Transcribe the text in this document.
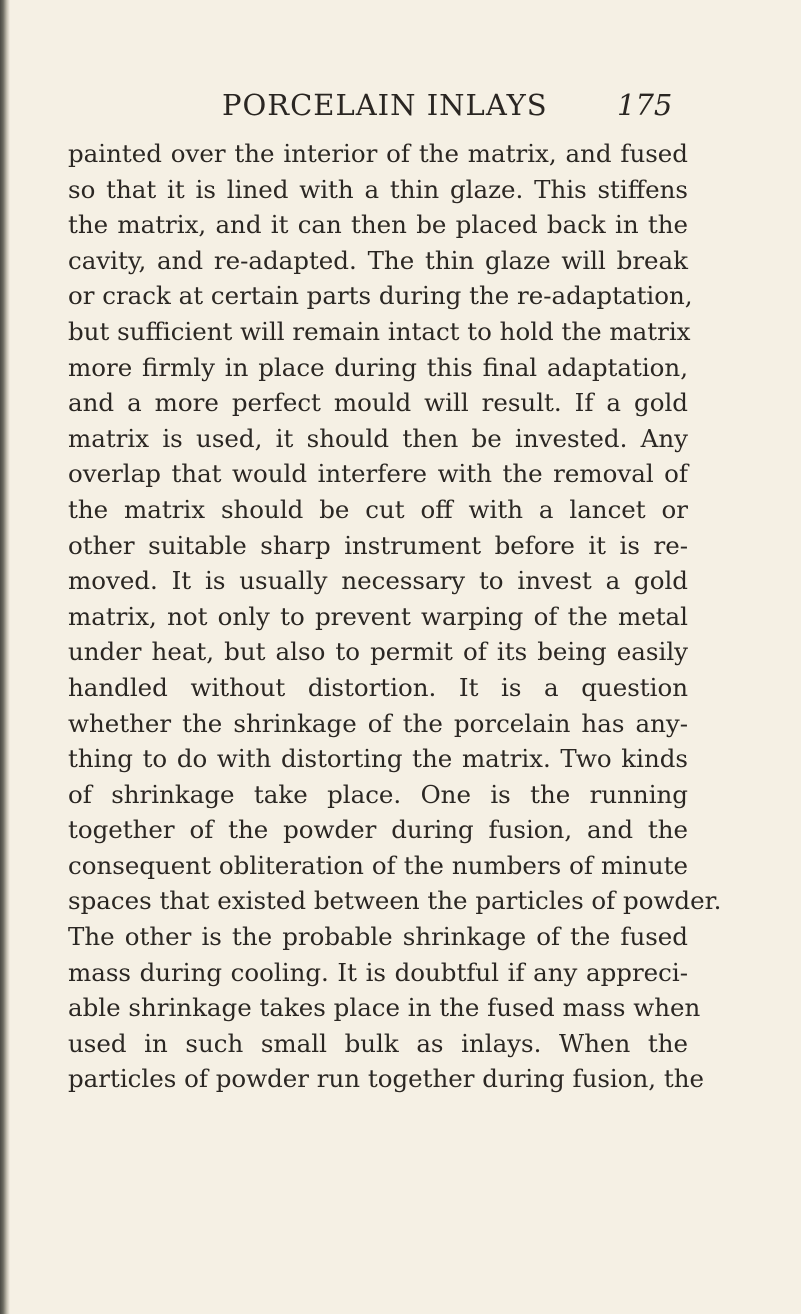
PORCELAIN INLAYS 175
painted over the interior of the matrix, and fused
so that it is lined with a thin glaze. This stiffens
the matrix, and it can then be placed back in the
cavity, and re-adapted. The thin glaze will break
or crack at certain parts during the re-adaptation,
but sufficient will remain intact to hold the matrix
more firmly in place during this final adaptation,
and a more perfect mould will result. If a gold
matrix is used, it should then be invested. Any
overlap that would interfere with the removal of
the matrix should be cut off with a lancet or
other suitable sharp instrument before it is re-
moved. It is usually necessary to invest a gold
matrix, not only to prevent warping of the metal
under heat, but also to permit of its being easily
handled without distortion. It is a question
whether the shrinkage of the porcelain has any-
thing to do with distorting the matrix. Two kinds
of shrinkage take place. One is the running
together of the powder during fusion, and the
consequent obliteration of the numbers of minute
spaces that existed between the particles of powder.
The other is the probable shrinkage of the fused
mass during cooling. It is doubtful if any appreci-
able shrinkage takes place in the fused mass when
used in such small bulk as inlays. When the
particles of powder run together during fusion, the
